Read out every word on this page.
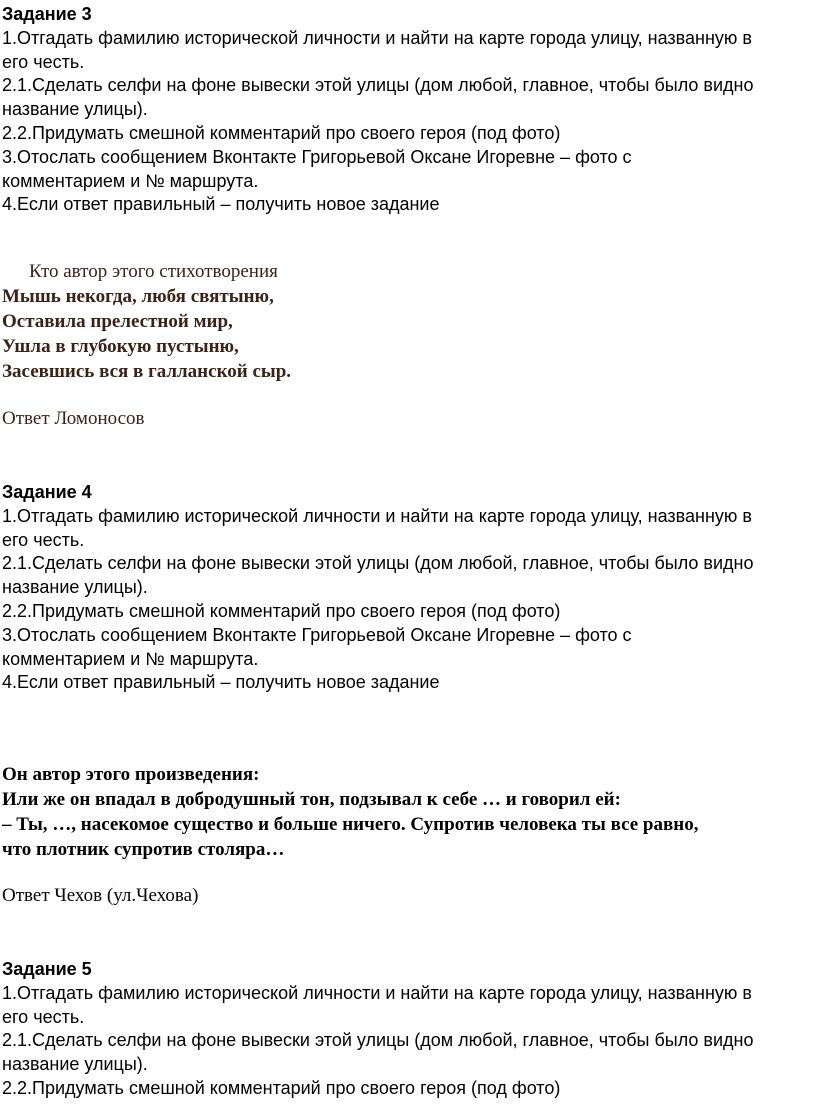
Задание 3

1.Отгадать фамилию исторической личности и найти на карте города улицу, названную в

его честь.

2.1.Сделать селфи на фоне вывески этой улицы (дом любой, главное, чтобы было видно

название улицы).

2.2.Придумать смешной комментарий про своего героя (под фото)

3.Отослать сообщением Вконтакте Григорьевой Оксане Игоревне – фото с

комментарием и № маршрута.

4.Если ответ правильный – получить новое задание

Кто автор этого стихотворения

Мышь некогда, любя святыню,

Оставила прелестной мир,

Ушла в глубокую пустыню,

Засевшись вся в галланской сыр.

Ответ Ломоносов

Задание 4

1.Отгадать фамилию исторической личности и найти на карте города улицу, названную в

его честь.

2.1.Сделать селфи на фоне вывески этой улицы (дом любой, главное, чтобы было видно

название улицы).

2.2.Придумать смешной комментарий про своего героя (под фото)

3.Отослать сообщением Вконтакте Григорьевой Оксане Игоревне – фото с

комментарием и № маршрута.

4.Если ответ правильный – получить новое задание

Он автор этого произведения:

Или же он впадал в добродушный тон, подзывал к себе … и говорил ей:

– Ты, …, насекомое существо и больше ничего. Супротив человека ты все равно,

что плотник супротив столяра…

Ответ Чехов (ул.Чехова)

Задание 5

1.Отгадать фамилию исторической личности и найти на карте города улицу, названную в

его честь.

2.1.Сделать селфи на фоне вывески этой улицы (дом любой, главное, чтобы было видно

название улицы).

2.2.Придумать смешной комментарий про своего героя (под фото)
